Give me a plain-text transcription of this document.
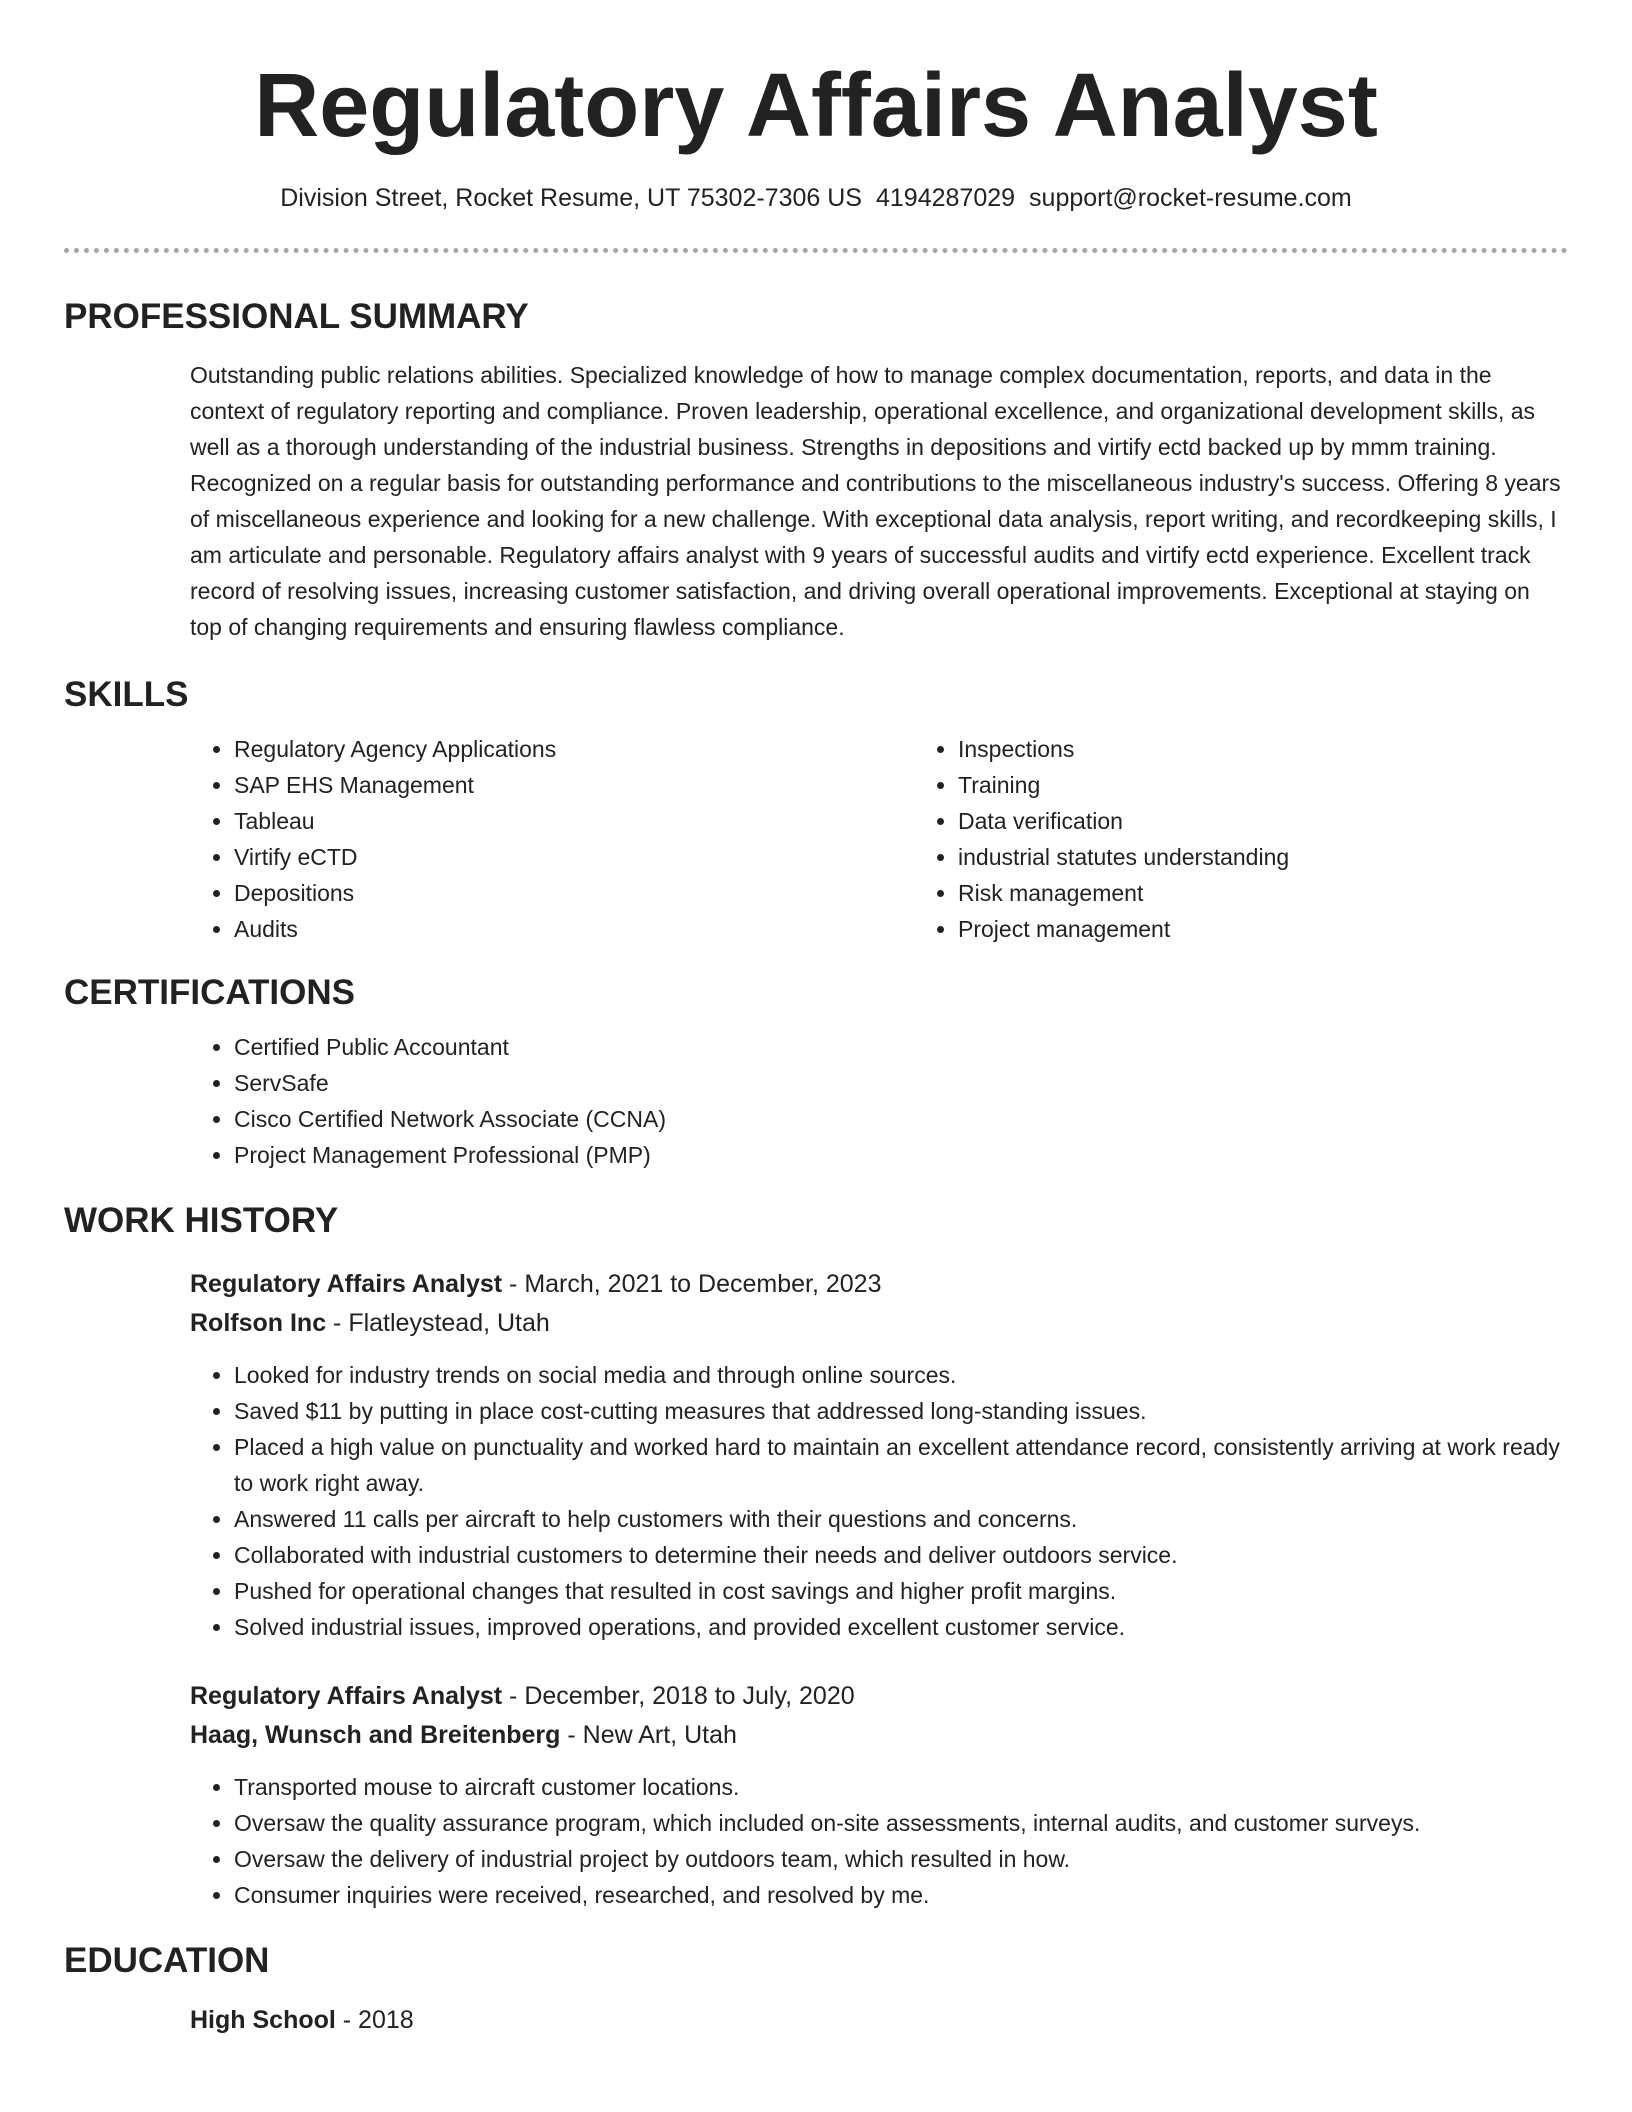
Regulatory Affairs Analyst
Division Street, Rocket Resume, UT 75302-7306 US 4194287029 support@rocket-resume.com
PROFESSIONAL SUMMARY

Outstanding public relations abilities. Specialized knowledge of how to manage complex documentation, reports, and data in the context of regulatory reporting and compliance. Proven leadership, operational excellence, and organizational development skills, as well as a thorough understanding of the industrial business. Strengths in depositions and virtify ectd backed up by mmm training. Recognized on a regular basis for outstanding performance and contributions to the miscellaneous industry's success. Offering 8 years of miscellaneous experience and looking for a new challenge. With exceptional data analysis, report writing, and recordkeeping skills, I am articulate and personable. Regulatory affairs analyst with 9 years of successful audits and virtify ectd experience. Excellent track record of resolving issues, increasing customer satisfaction, and driving overall operational improvements. Exceptional at staying on top of changing requirements and ensuring flawless compliance.

SKILLS
• Regulatory Agency Applications
• SAP EHS Management
• Tableau
• Virtify eCTD
• Depositions
• Audits
• Inspections
• Training
• Data verification
• industrial statutes understanding
• Risk management
• Project management
CERTIFICATIONS
• Certified Public Accountant
• ServSafe
• Cisco Certified Network Associate (CCNA)
• Project Management Professional (PMP)
WORK HISTORY
Regulatory Affairs Analyst - March, 2021 to December, 2023
Rolfson Inc - Flatleystead, Utah
• Looked for industry trends on social media and through online sources.
• Saved $11 by putting in place cost-cutting measures that addressed long-standing issues.
• Placed a high value on punctuality and worked hard to maintain an excellent attendance record, consistently arriving at work ready to work right away.
• Answered 11 calls per aircraft to help customers with their questions and concerns.
• Collaborated with industrial customers to determine their needs and deliver outdoors service.
• Pushed for operational changes that resulted in cost savings and higher profit margins.
• Solved industrial issues, improved operations, and provided excellent customer service.
Regulatory Affairs Analyst - December, 2018 to July, 2020
Haag, Wunsch and Breitenberg - New Art, Utah
• Transported mouse to aircraft customer locations.
• Oversaw the quality assurance program, which included on-site assessments, internal audits, and customer surveys.
• Oversaw the delivery of industrial project by outdoors team, which resulted in how.
• Consumer inquiries were received, researched, and resolved by me.
EDUCATION
High School - 2018
